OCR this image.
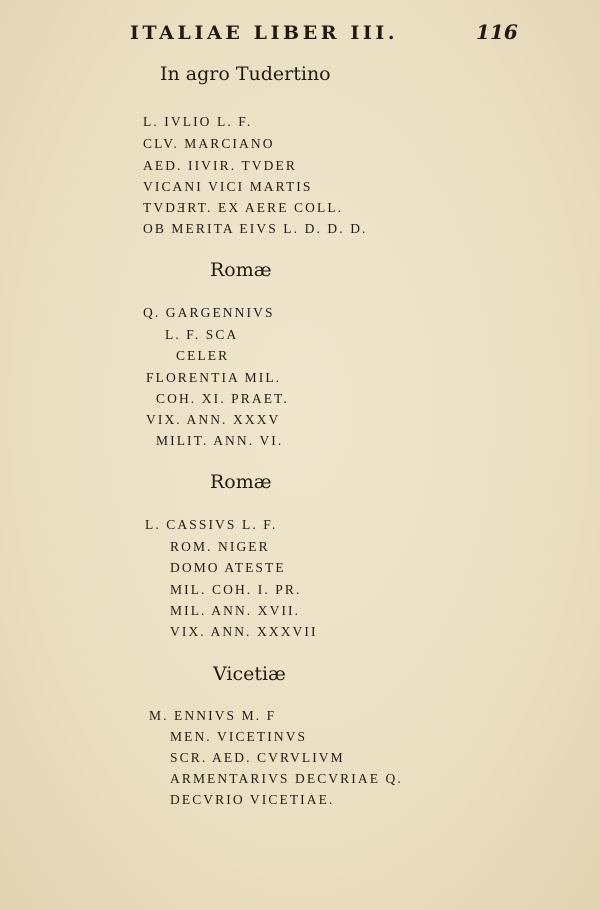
ITALIAE LIBER III.	116
In agro Tudertino
L. IVLIO L. F.
CLV. MARCIANO
AED. IIVIR. TVDER
VICANI VICI MARTIS
TVDƎRT. EX AERE COLL.
OB MERITA EIVS L. D. D. D.
Romæ
Q. GARGENNIVS
L. F. SCA
CELER
FLORENTIA MIL.
COH. XI. PRAET.
VIX. ANN. XXXV
MILIT. ANN. VI.
Romæ
L. CASSIVS L. F.
ROM. NIGER
DOMO ATESTE
MIL. COH. I. PR.
MIL. ANN. XVII.
VIX. ANN. XXXVII
Vicetiæ
M. ENNIVS M. F
MEN. VICETINVS
SCR. AED. CVRVLIVM
ARMENTARIVS DECVRIAE Q.
DECVRIO VICETIAE.
